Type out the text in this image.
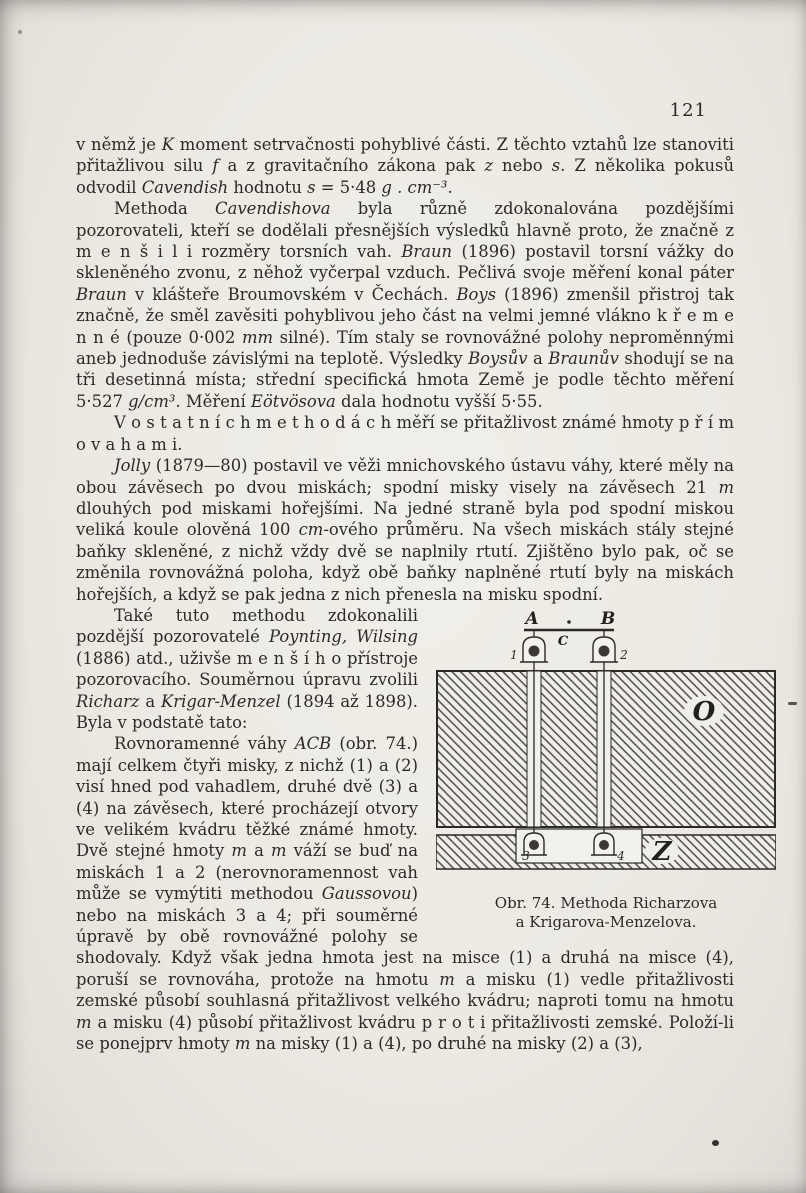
121

v němž je K moment setrvačnosti pohyblivé části. Z těchto vztahů lze stanoviti přitažlivou silu f a z gravitačního zákona pak z nebo s. Z několika pokusů odvodil Cavendish hodnotu s = 5·48 g . cm⁻³.

Methoda Cavendishova byla různě zdokonalována pozdějšími pozorovateli, kteří se dodělali přesnějších výsledků hlavně proto, že značně z m e n š i l i rozměry torsních vah. Braun (1896) postavil torsní vážky do skleněného zvonu, z něhož vyčerpal vzduch. Pečlivá svoje měření konal páter Braun v klášteře Broumovském v Čechách. Boys (1896) zmenšil přistroj tak značně, že směl zavěsiti pohyblivou jeho část na velmi jemné vlákno k ř e m e n n é (pouze 0·002 mm silné). Tím staly se rovnovážné polohy neproměnnými aneb jednoduše závislými na teplotě. Výsledky Boysův a Braunův shodují se na tři desetinná místa; střední specifická hmota Země je podle těchto měření 5·527 g/cm³. Měření Eötvösova dala hodnotu vyšší 5·55.

V o s t a t n í c h m e t h o d á c h měří se přitažlivost známé hmoty p ř í m o v a h a m i.

Jolly (1879—80) postavil ve věži mnichovského ústavu váhy, které měly na obou závěsech po dvou miskách; spodní misky visely na závěsech 21 m dlouhých pod miskami hořejšími. Na jedné straně byla pod spodní miskou veliká koule olověná 100 cm-ového průměru. Na všech miskách stály stejné baňky skleněné, z nichž vždy dvě se naplnily rtutí. Zjištěno bylo pak, oč se změnila rovnovážná poloha, když obě baňky naplněné rtutí byly na miskách hořejších, a když se pak jedna z nich přenesla na misku spodní.

A	B
C
O
Z
1	2
3	4
Obr. 74. Methoda Richarzova
a Krigarova-Menzelova.

Také tuto methodu zdokonalili pozdější pozorovatelé Poynting, Wilsing (1886) atd., uživše m e n š í h o přístroje pozorovacího. Souměrnou úpravu zvolili Richarz a Krigar-Menzel (1894 až 1898). Byla v podstatě tato:

Rovnoramenné váhy ACB (obr. 74.) mají celkem čtyři misky, z nichž (1) a (2) visí hned pod vahadlem, druhé dvě (3) a (4) na závěsech, které procházejí otvory ve velikém kvádru těžké známé hmoty. Dvě stejné hmoty m a m váží se buď na miskách 1 a 2 (nerovnoramennost vah může se vymýtiti methodou Gaussovou) nebo na miskách 3 a 4; při souměrné úpravě by obě rovnovážné polohy se shodovaly. Když však jedna hmota jest na misce (1) a druhá na misce (4), poruší se rovnováha, protože na hmotu m a misku (1) vedle přitažlivosti zemské působí souhlasná přitažlivost velkého kvádru; naproti tomu na hmotu m a misku (4) působí přitažlivost kvádru p r o t i přitažlivosti zemské. Položí-li se ponejprv hmoty m na misky (1) a (4), po druhé na misky (2) a (3),
